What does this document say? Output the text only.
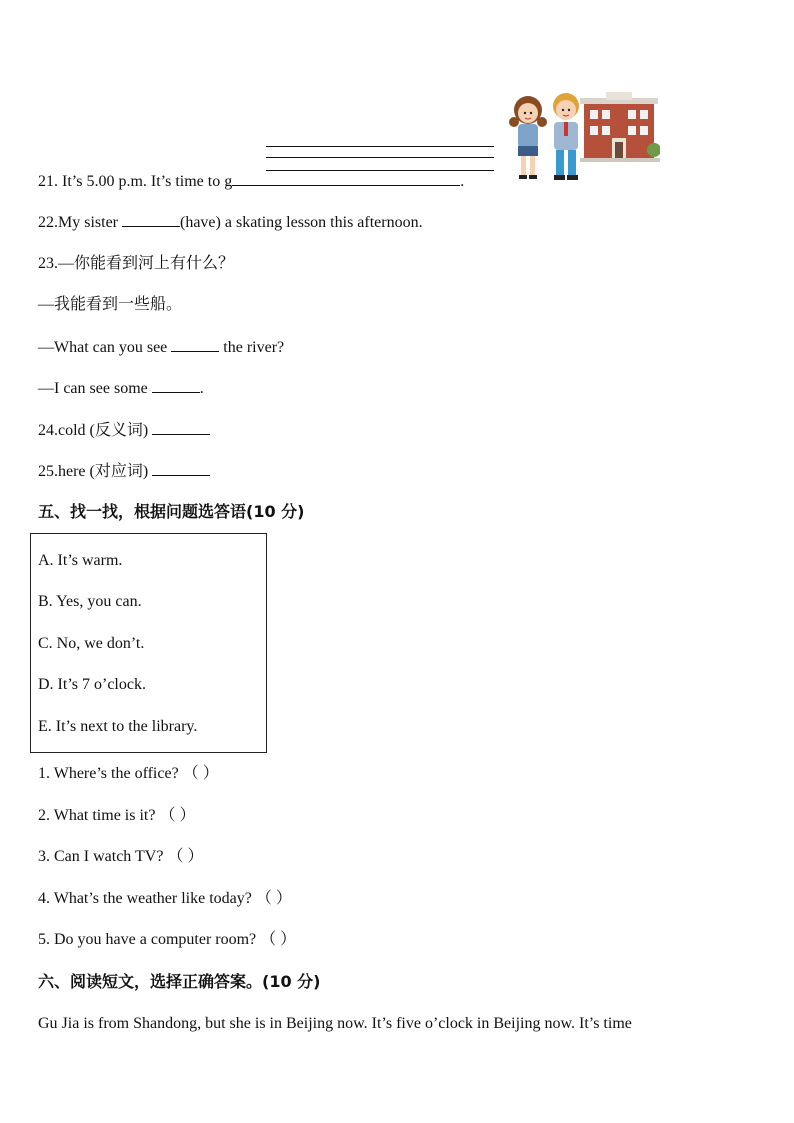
21. It’s 5.00 p.m. It’s time to g	.
22.My sister	(have) a skating lesson this afternoon.
23.—你能看到河上有什么？
—我能看到一些船。
—What can you see	the river?
—I can see some	.
24.cold (反义词)
25.here (对应词)
五、找一找，根据问题选答语(10 分)
A. It’s warm.
B. Yes, you can.
C. No, we don’t.
D. It’s 7 o’clock.
E. It’s next to the library.
1. Where’s the office? （ ）
2. What time is it? （ ）
3. Can I watch TV? （ ）
4. What’s the weather like today? （ ）
5. Do you have a computer room? （ ）
六、阅读短文，选择正确答案。(10 分)
Gu Jia is from Shandong, but she is in Beijing now. It’s five o’clock in Beijing now. It’s time
